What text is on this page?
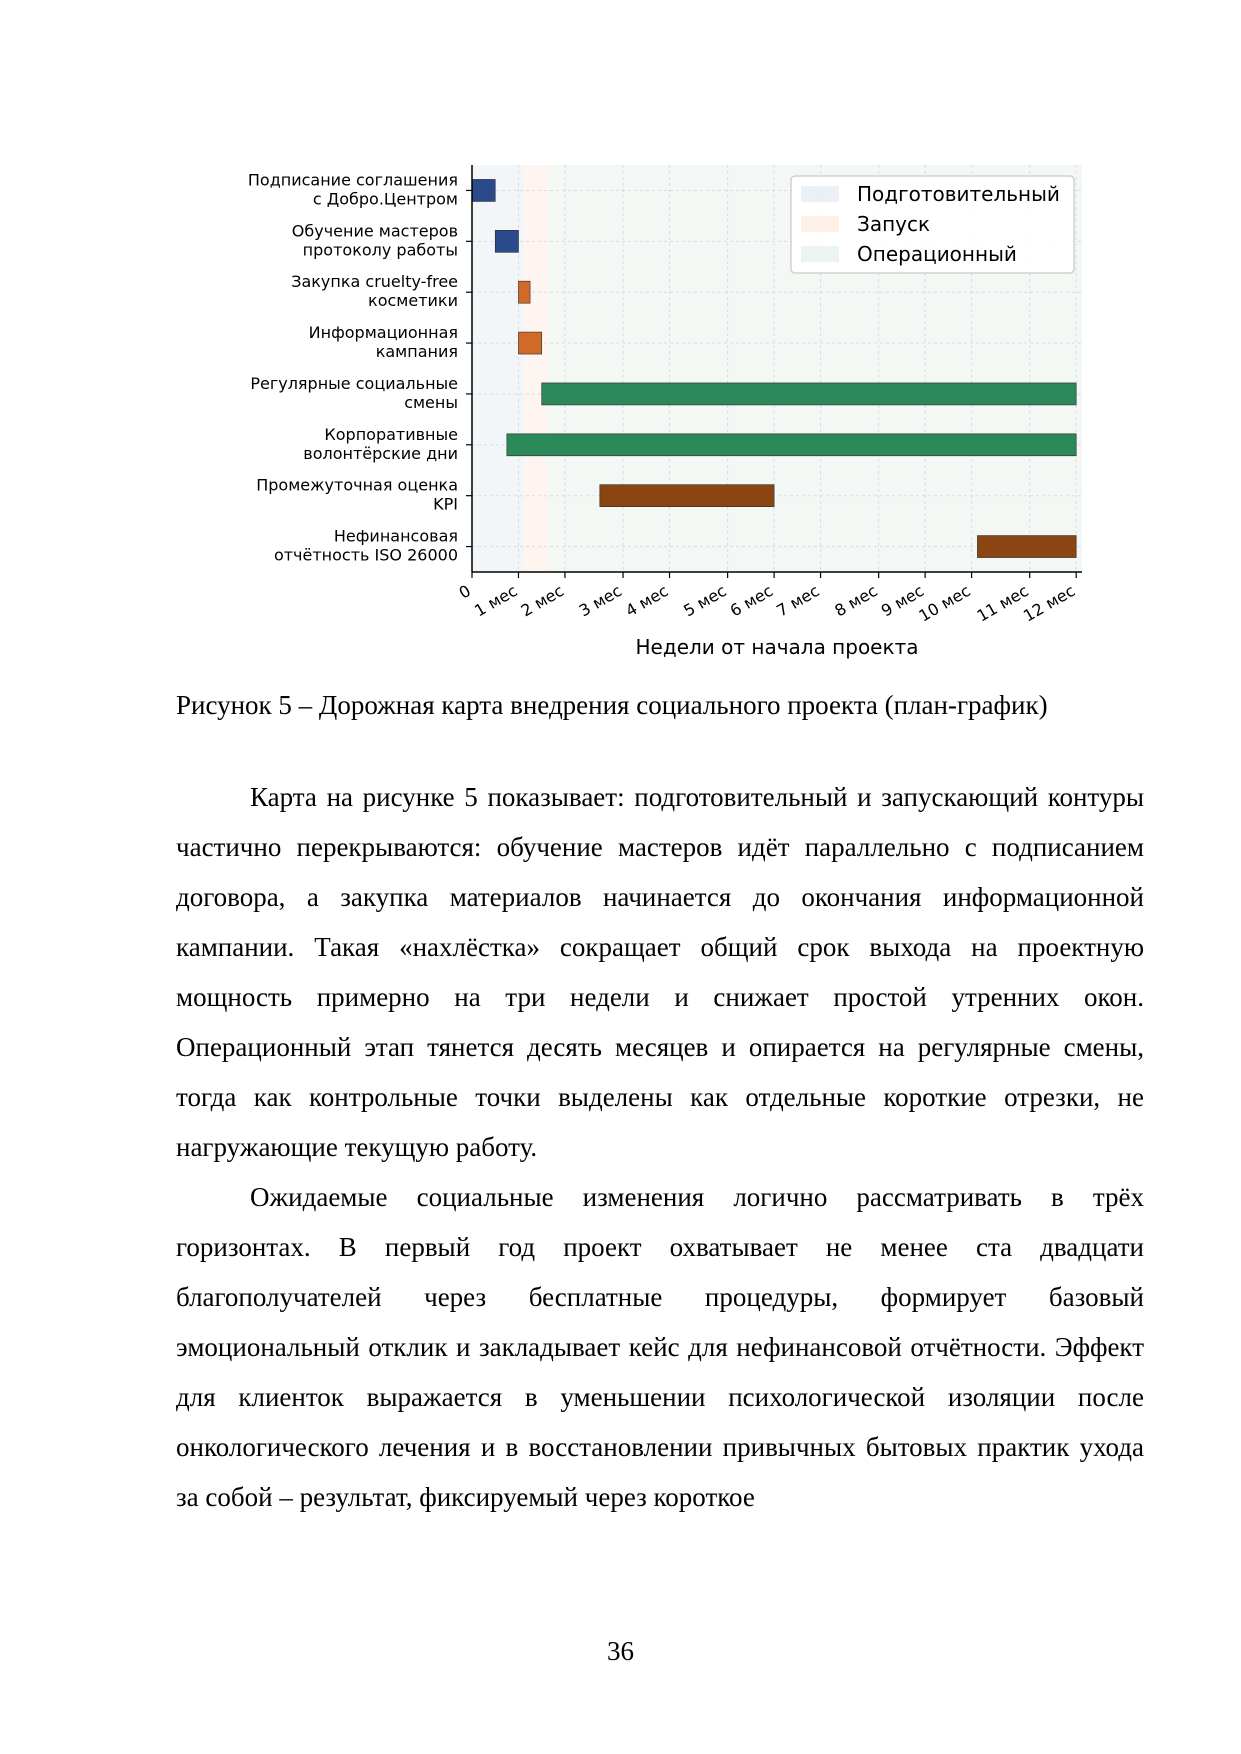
Подписание соглашения с Добро.Центром
Обучение мастеров протоколу работы
Закупка cruelty-free косметики
Информационная кампания
Регулярные социальные смены
Корпоративные волонтёрские дни
Промежуточная оценка KPI
Нефинансовая отчётность ISO 26000
0
1 мес
2 мес 3 мес
4 мес 5 мес
6 мес
7 мес 8 мес
9 мес
10 мес 11 мес
12 мес
Недели от начала проекта
Подготовительный
Запуск
Операционный
Рисунок 5 – Дорожная карта внедрения социального проекта (план-график)

Карта на рисунке 5 показывает: подготовительный и запускающий контуры частично перекрываются: обучение мастеров идёт параллельно с подписанием договора, а закупка материалов начинается до окончания информационной кампании. Такая «нахлёстка» сокращает общий срок выхода на проектную мощность примерно на три недели и снижает простой утренних окон. Операционный этап тянется десять месяцев и опирается на регулярные смены, тогда как контрольные точки выделены как отдельные короткие отрезки, не нагружающие текущую работу.

Ожидаемые социальные изменения логично рассматривать в трёх горизонтах. В первый год проект охватывает не менее ста двадцати благополучателей через бесплатные процедуры, формирует базовый эмоциональный отклик и закладывает кейс для нефинансовой отчётности. Эффект для клиенток выражается в уменьшении психологической изоляции после онкологического лечения и в восстановлении привычных бытовых практик ухода за собой – результат, фиксируемый через короткое

36
